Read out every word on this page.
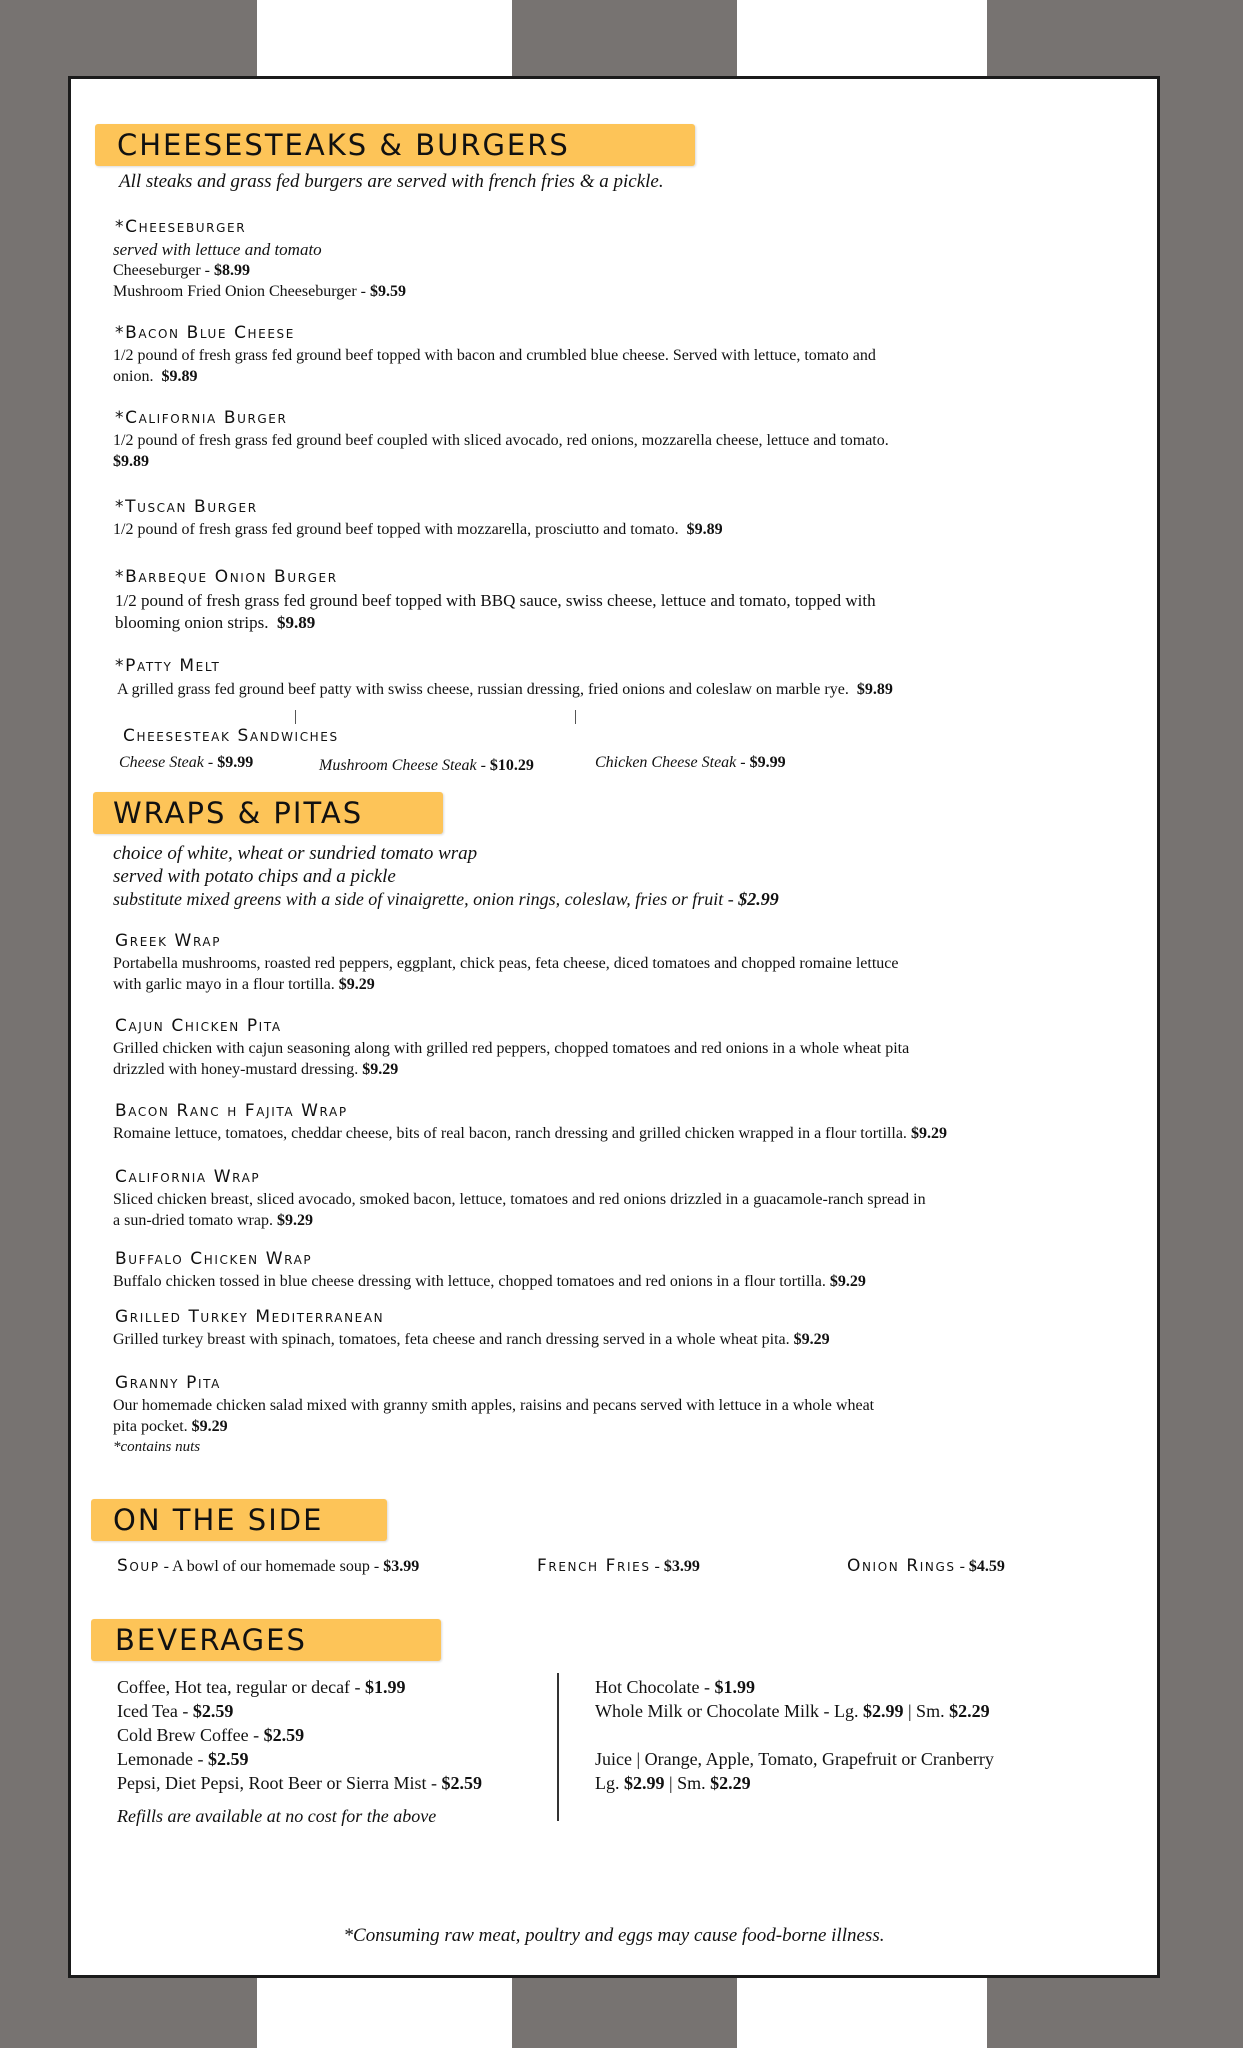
CHEESESTEAKS & BURGERS
All steaks and grass fed burgers are served with french fries & a pickle.
*Cheeseburger
served with lettuce and tomato
Cheeseburger - $8.99
Mushroom Fried Onion Cheeseburger - $9.59
*Bacon Blue Cheese
1/2 pound of fresh grass fed ground beef topped with bacon and crumbled blue cheese. Served with lettuce, tomato and
onion. $9.89
*California Burger
1/2 pound of fresh grass fed ground beef coupled with sliced avocado, red onions, mozzarella cheese, lettuce and tomato.
$9.89
*Tuscan Burger
1/2 pound of fresh grass fed ground beef topped with mozzarella, prosciutto and tomato. $9.89
*Barbeque Onion Burger
1/2 pound of fresh grass fed ground beef topped with BBQ sauce, swiss cheese, lettuce and tomato, topped with
blooming onion strips. $9.89
*Patty Melt
A grilled grass fed ground beef patty with swiss cheese, russian dressing, fried onions and coleslaw on marble rye. $9.89
Cheesesteak Sandwiches
Cheese Steak - $9.99	Mushroom Cheese Steak - $10.29	Chicken Cheese Steak - $9.99
WRAPS & PITAS
choice of white, wheat or sundried tomato wrap
served with potato chips and a pickle
substitute mixed greens with a side of vinaigrette, onion rings, coleslaw, fries or fruit - $2.99
Greek Wrap
Portabella mushrooms, roasted red peppers, eggplant, chick peas, feta cheese, diced tomatoes and chopped romaine lettuce
with garlic mayo in a flour tortilla. $9.29
Cajun Chicken Pita
Grilled chicken with cajun seasoning along with grilled red peppers, chopped tomatoes and red onions in a whole wheat pita
drizzled with honey-mustard dressing. $9.29
Bacon Ranc h Fajita Wrap
Romaine lettuce, tomatoes, cheddar cheese, bits of real bacon, ranch dressing and grilled chicken wrapped in a flour tortilla. $9.29
California Wrap
Sliced chicken breast, sliced avocado, smoked bacon, lettuce, tomatoes and red onions drizzled in a guacamole-ranch spread in
a sun-dried tomato wrap. $9.29
Buffalo Chicken Wrap
Buffalo chicken tossed in blue cheese dressing with lettuce, chopped tomatoes and red onions in a flour tortilla. $9.29
Grilled Turkey Mediterranean
Grilled turkey breast with spinach, tomatoes, feta cheese and ranch dressing served in a whole wheat pita. $9.29
Granny Pita
Our homemade chicken salad mixed with granny smith apples, raisins and pecans served with lettuce in a whole wheat
pita pocket. $9.29
*contains nuts
ON THE SIDE
Soup - A bowl of our homemade soup - $3.99	French Fries - $3.99	Onion Rings - $4.59
BEVERAGES
Coffee, Hot tea, regular or decaf - $1.99
Iced Tea - $2.59
Cold Brew Coffee - $2.59
Lemonade - $2.59
Pepsi, Diet Pepsi, Root Beer or Sierra Mist - $2.59
Refills are available at no cost for the above
Hot Chocolate - $1.99
Whole Milk or Chocolate Milk - Lg. $2.99 | Sm. $2.29
Juice | Orange, Apple, Tomato, Grapefruit or Cranberry
Lg. $2.99 | Sm. $2.29
*Consuming raw meat, poultry and eggs may cause food-borne illness.
